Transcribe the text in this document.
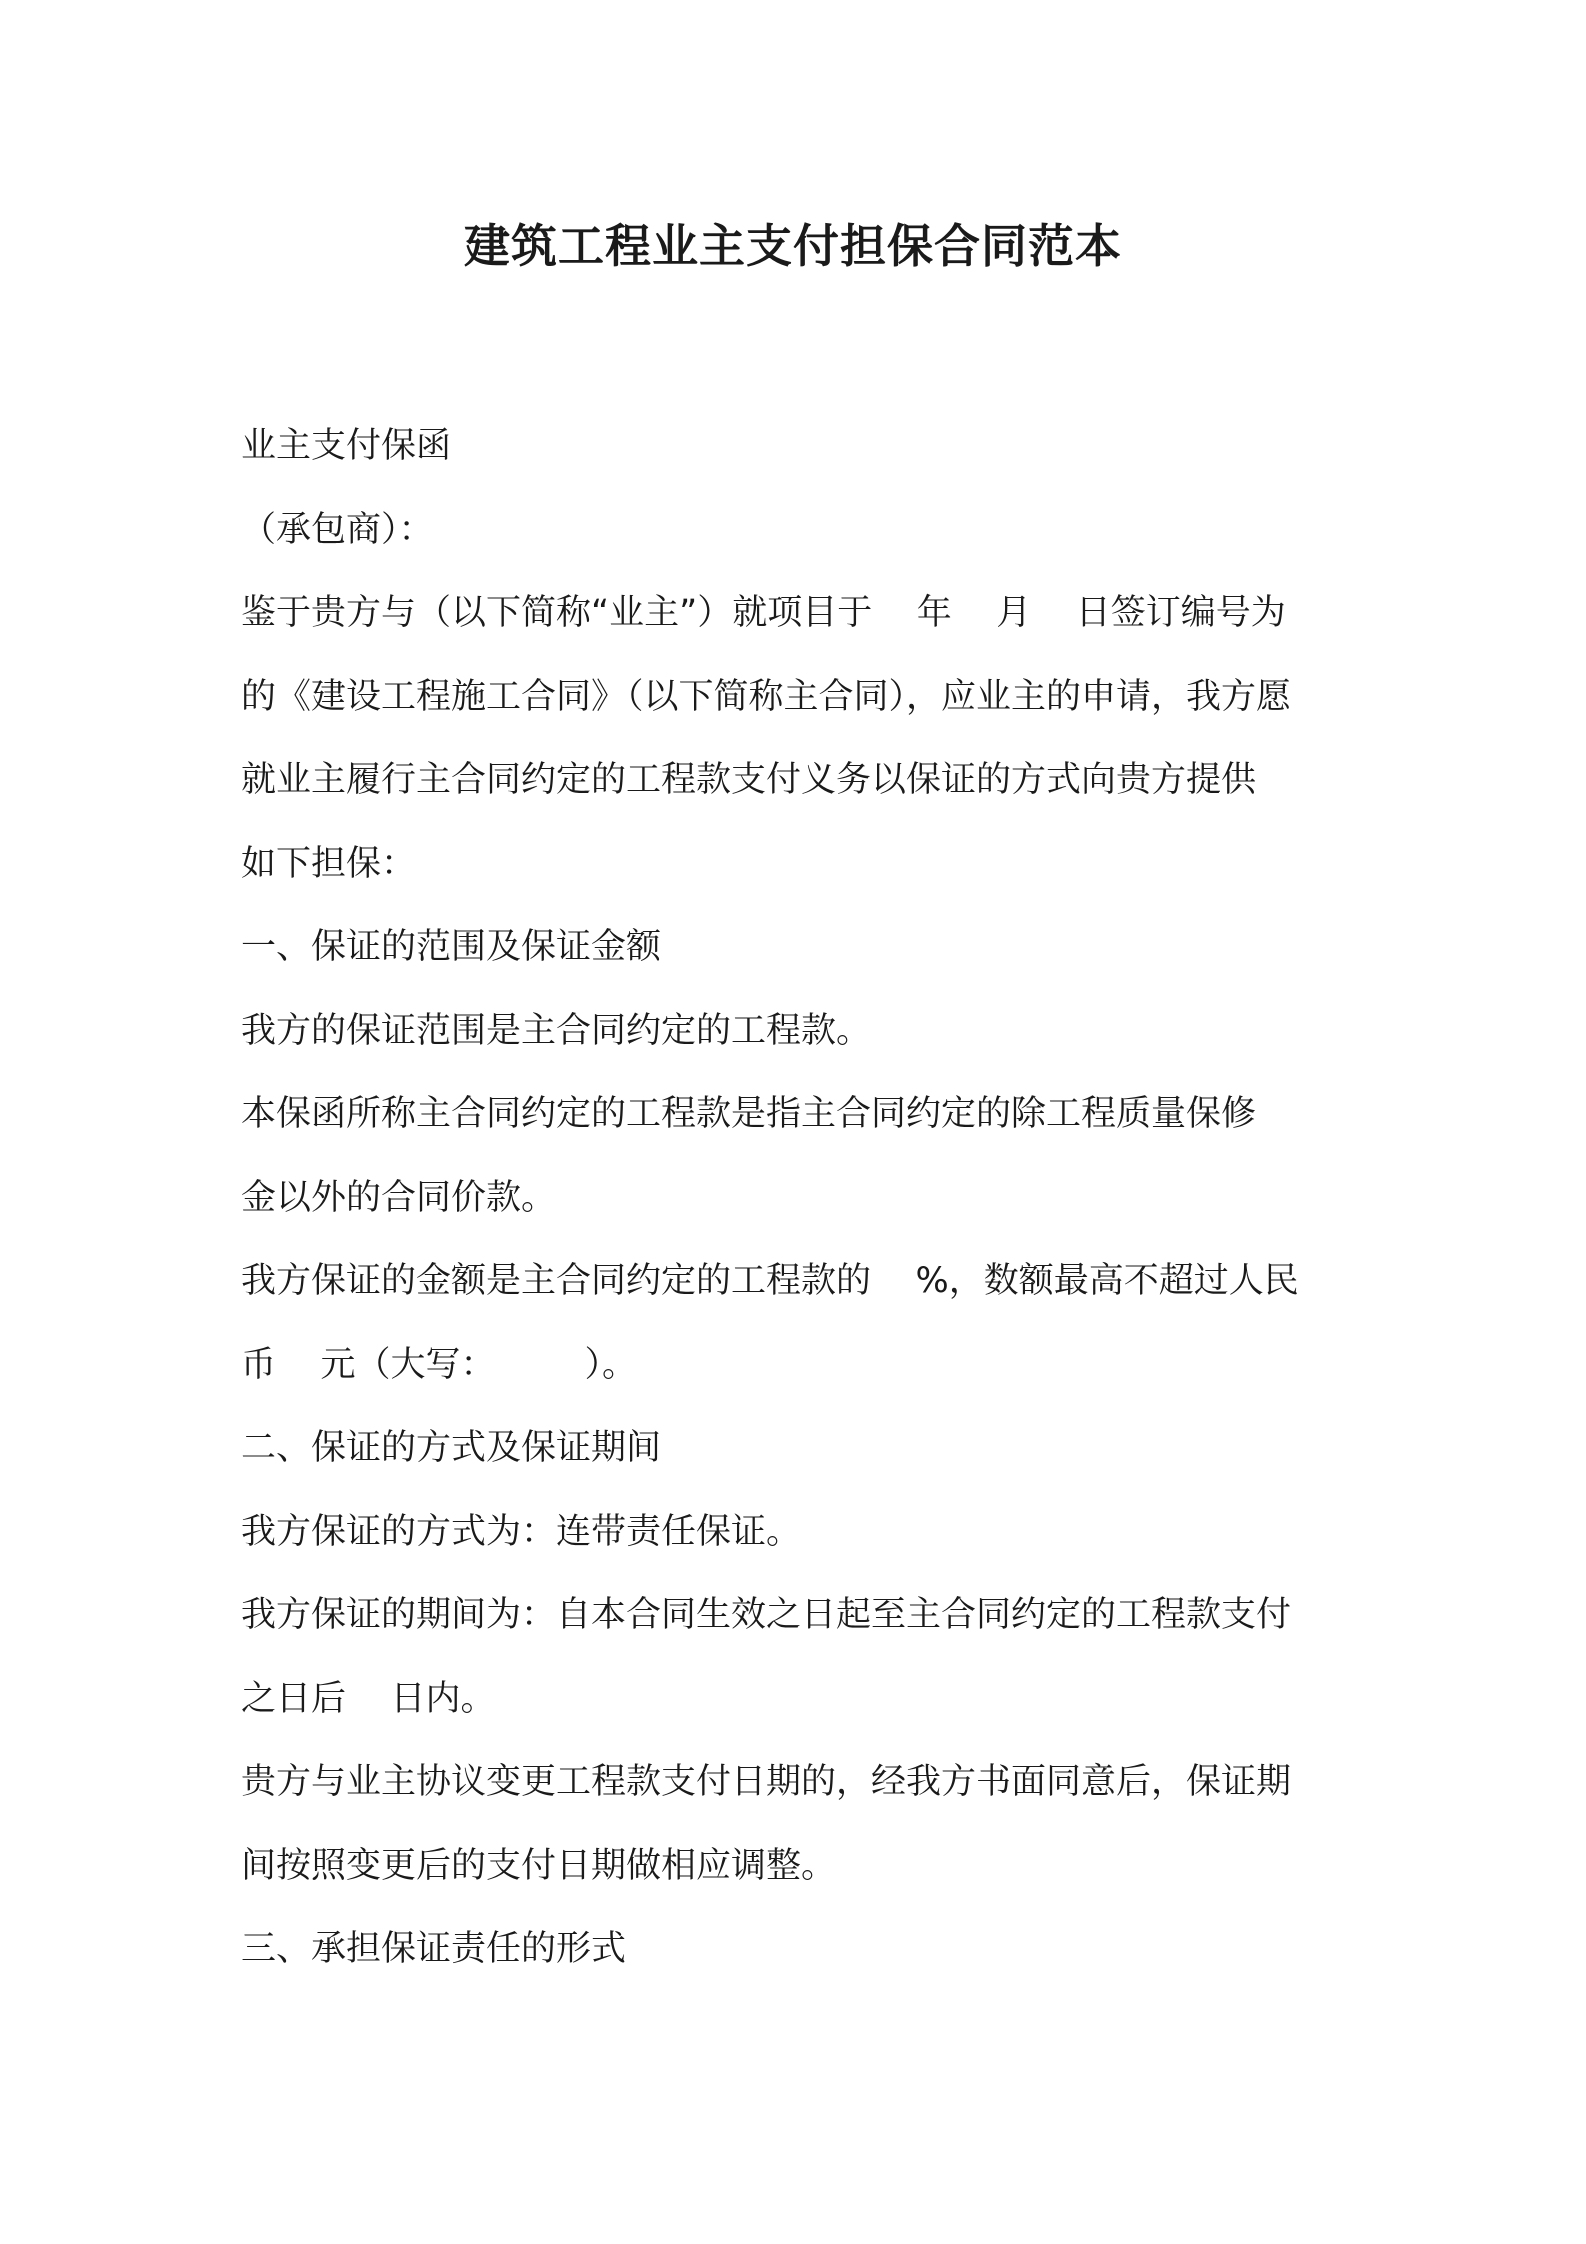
建筑工程业主支付担保合同范本
业主支付保函
（承包商）：
鉴于贵方与（以下简称“业主”）就项目于    年    月    日签订编号为
的《建设工程施工合同》（以下简称主合同），应业主的申请，我方愿
就业主履行主合同约定的工程款支付义务以保证的方式向贵方提供
如下担保：
一、保证的范围及保证金额
我方的保证范围是主合同约定的工程款。
本保函所称主合同约定的工程款是指主合同约定的除工程质量保修
金以外的合同价款。
我方保证的金额是主合同约定的工程款的    %，数额最高不超过人民
币    元（大写：        ）。
二、保证的方式及保证期间
我方保证的方式为：连带责任保证。
我方保证的期间为：自本合同生效之日起至主合同约定的工程款支付
之日后    日内。
贵方与业主协议变更工程款支付日期的，经我方书面同意后，保证期
间按照变更后的支付日期做相应调整。
三、承担保证责任的形式
